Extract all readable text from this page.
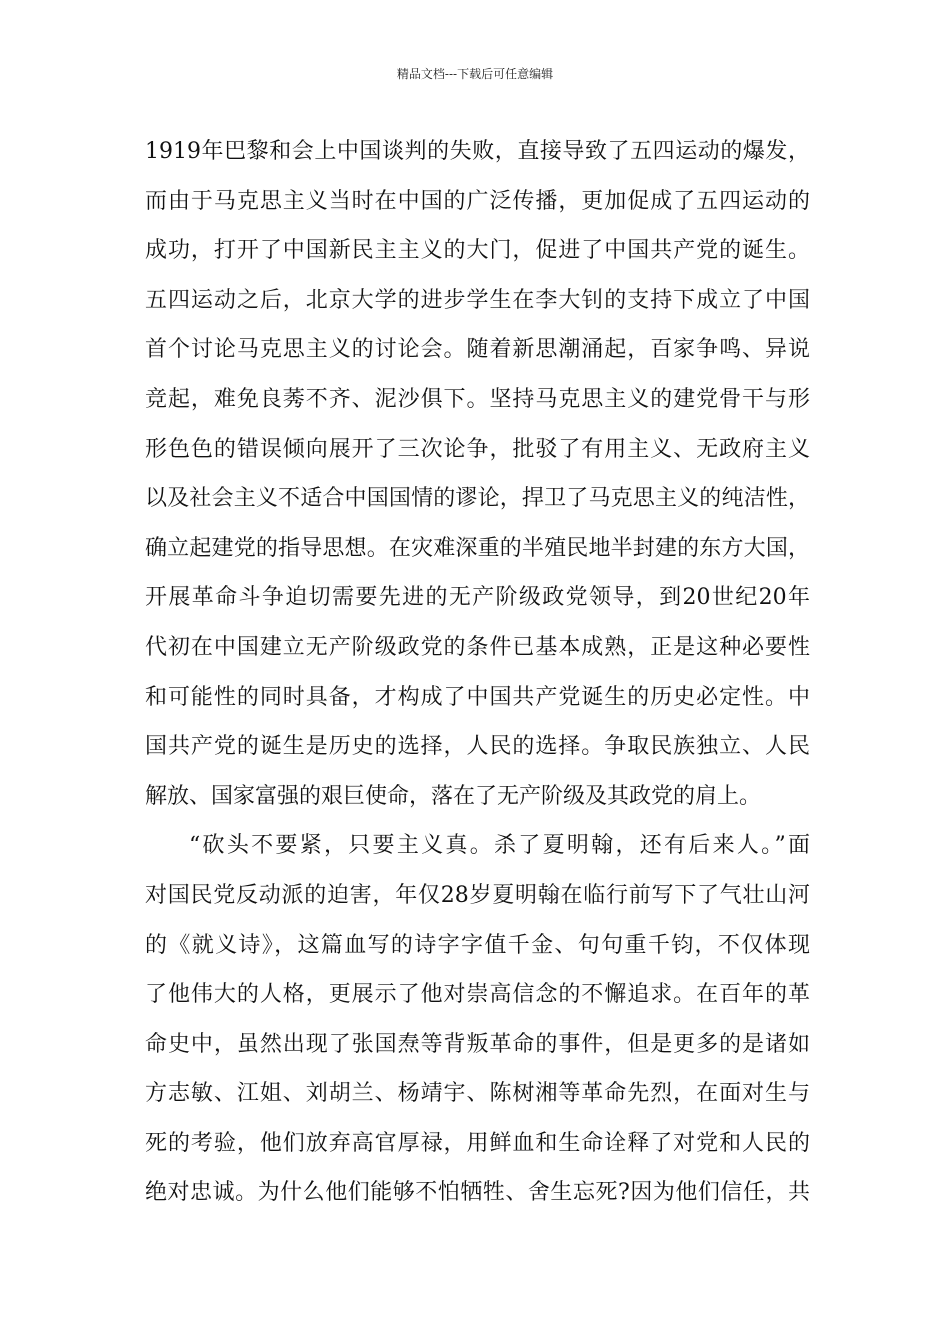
精品文档---下载后可任意编辑
1919年巴黎和会上中国谈判的失败，直接导致了五四运动的爆发，
而由于马克思主义当时在中国的广泛传播，更加促成了五四运动的
成功，打开了中国新民主主义的大门，促进了中国共产党的诞生。
五四运动之后，北京大学的进步学生在李大钊的支持下成立了中国
首个讨论马克思主义的讨论会。随着新思潮涌起，百家争鸣、异说
竞起，难免良莠不齐、泥沙俱下。坚持马克思主义的建党骨干与形
形色色的错误倾向展开了三次论争，批驳了有用主义、无政府主义
以及社会主义不适合中国国情的谬论，捍卫了马克思主义的纯洁性，
确立起建党的指导思想。在灾难深重的半殖民地半封建的东方大国，
开展革命斗争迫切需要先进的无产阶级政党领导，到20世纪20年
代初在中国建立无产阶级政党的条件已基本成熟，正是这种必要性
和可能性的同时具备，才构成了中国共产党诞生的历史必定性。中
国共产党的诞生是历史的选择，人民的选择。争取民族独立、人民
解放、国家富强的艰巨使命，落在了无产阶级及其政党的肩上。
“砍头不要紧，只要主义真。杀了夏明翰，还有后来人。”面
对国民党反动派的迫害，年仅28岁夏明翰在临行前写下了气壮山河
的《就义诗》，这篇血写的诗字字值千金、句句重千钧，不仅体现
了他伟大的人格，更展示了他对崇高信念的不懈追求。在百年的革
命史中，虽然出现了张国焘等背叛革命的事件，但是更多的是诸如
方志敏、江姐、刘胡兰、杨靖宇、陈树湘等革命先烈，在面对生与
死的考验，他们放弃高官厚禄，用鲜血和生命诠释了对党和人民的
绝对忠诚。为什么他们能够不怕牺牲、舍生忘死?因为他们信任，共
